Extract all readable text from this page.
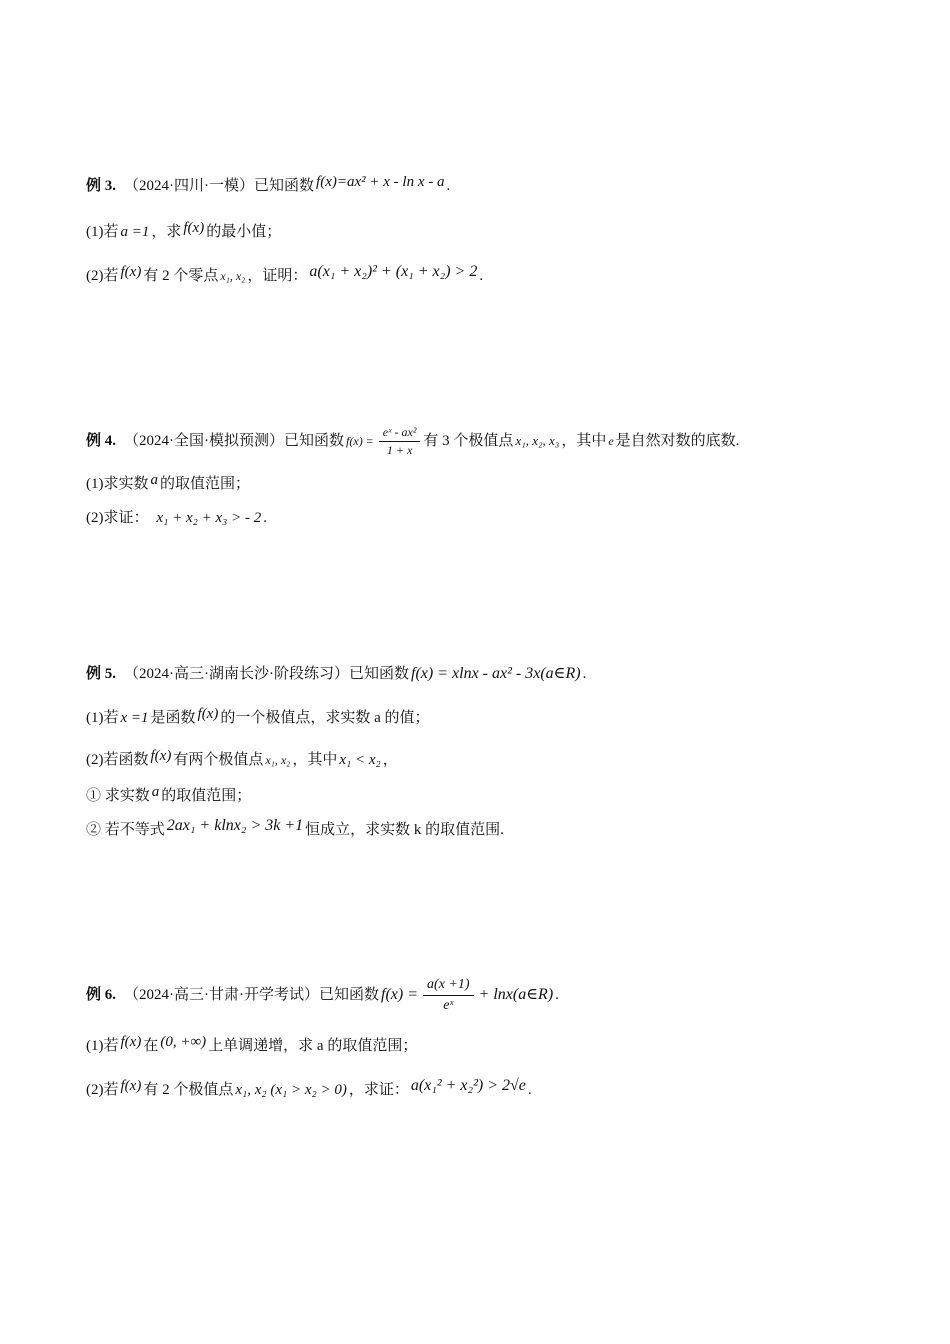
例 3. （2024·四川·一模）已知函数 f(x)=ax² + x - ln x - a .
(1)若 a =1 ，求 f(x) 的最小值；
(2)若 f(x) 有 2 个零点 x₁, x₂ ，证明： a(x₁ + x₂)² + (x₁ + x₂) > 2 .
例 4. （2024·全国·模拟预测）已知函数 $f(x) = \frac{\text{eˣ - ax²}}{1 + x}$ 有 3 个极值点 x₁, x₂, x₃ ，其中 e 是自然对数的底数.
(1)求实数 a 的取值范围；
(2)求证： x₁ + x₂ + x₃ > - 2 .
例 5. （2024·高三·湖南长沙·阶段练习）已知函数 f(x) = xlnx - ax² - 3x(a∈R) .
(1)若 x =1 是函数 f(x) 的一个极值点，求实数 a 的值；
(2)若函数 f(x) 有两个极值点 x₁, x₂ ，其中 x₁ < x₂ ，
① 求实数 a 的取值范围；
② 若不等式 2ax₁ + klnx₂ > 3k +1 恒成立，求实数 k 的取值范围.
例 6. （2024·高三·甘肃·开学考试）已知函数 $f(x) = \frac{a(x +1)}{\text{eˣ}}$ + lnx(a∈R) .
(1)若 f(x) 在 (0, +∞) 上单调递增，求 a 的取值范围；
(2)若 f(x) 有 2 个极值点 x₁, x₂ (x₁ > x₂ > 0) ，求证： a(x₁² + x₂²) > 2√e .
